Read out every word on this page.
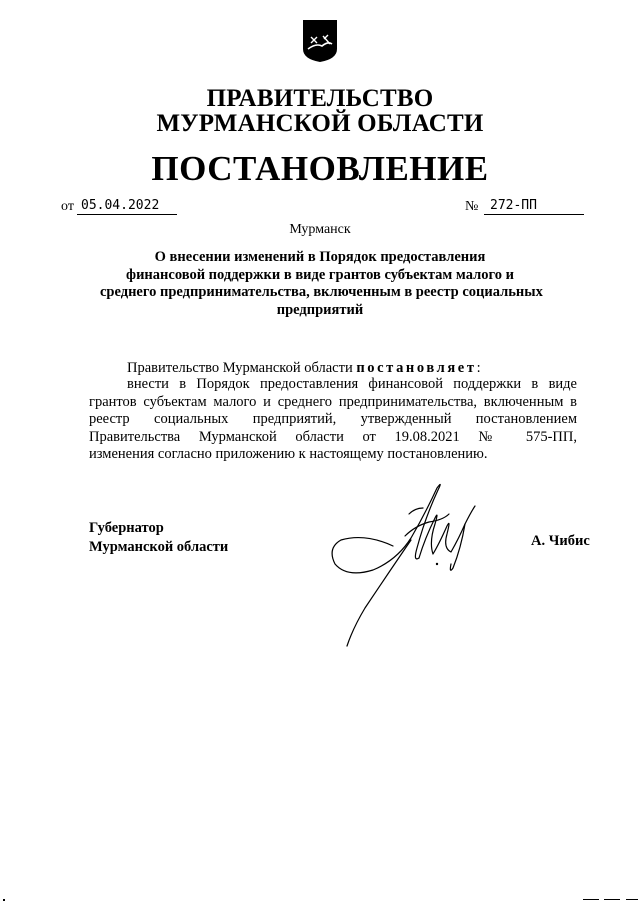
ПРАВИТЕЛЬСТВО
МУРМАНСКОЙ ОБЛАСТИ
ПОСТАНОВЛЕНИЕ
от 05.04.2022	№ 272-ПП
Мурманск
О внесении изменений в Порядок предоставления
финансовой поддержки в виде грантов субъектам малого и
среднего предпринимательства, включенным в реестр социальных
предприятий
Правительство Мурманской области постановляет:
внести в Порядок предоставления финансовой поддержки в виде
грантов субъектам малого и среднего предпринимательства, включенным в
реестр социальных предприятий, утвержденный постановлением
Правительства Мурманской области от 19.08.2021 № 575-ПП,
изменения согласно приложению к настоящему постановлению.
Губернатор
Мурманской области	А. Чибис
